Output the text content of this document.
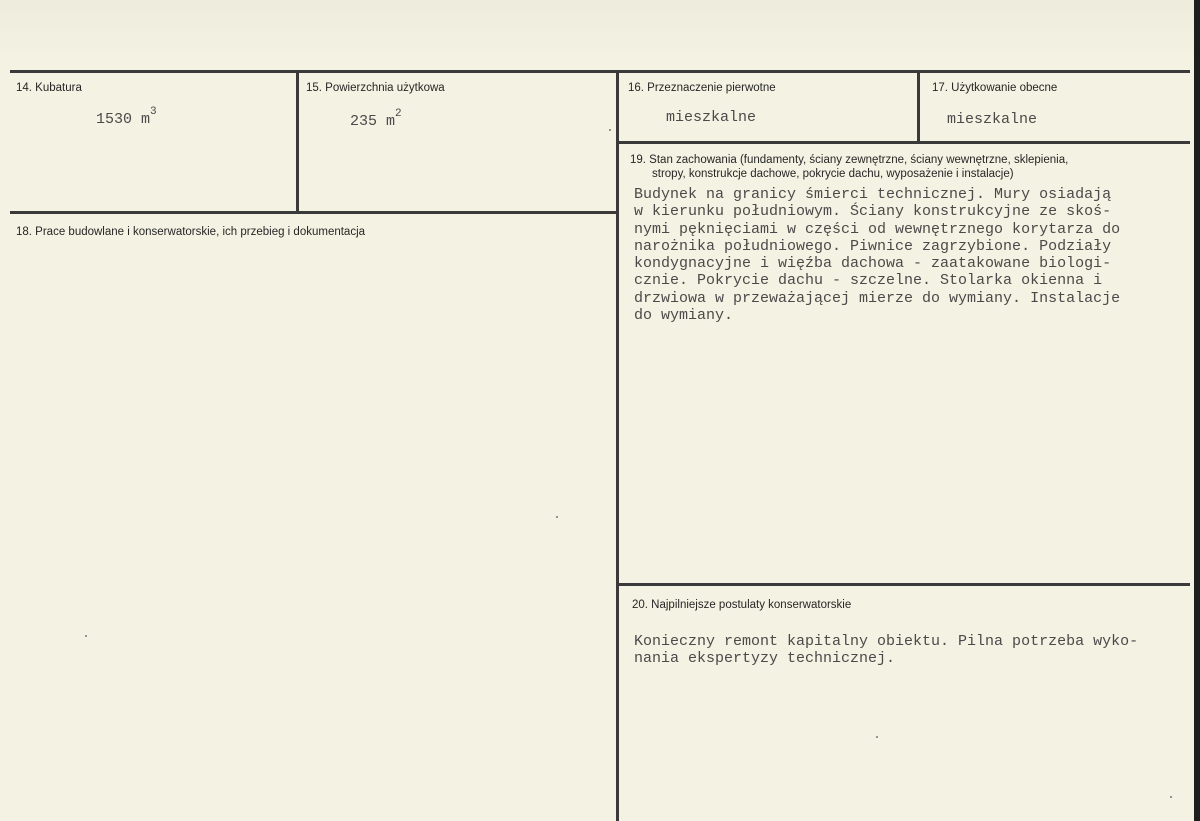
14. Kubatura
1530 $m^3$
15. Powierzchnia użytkowa
235 $m^2$
16. Przeznaczenie pierwotne
mieszkalne
17. Użytkowanie obecne
mieszkalne
18. Prace budowlane i konserwatorskie, ich przebieg i dokumentacja
19. Stan zachowania (fundamenty, ściany zewnętrzne, ściany wewnętrzne, sklepienia,
stropy, konstrukcje dachowe, pokrycie dachu, wyposażenie i instalacje)
Budynek na granicy śmierci technicznej. Mury osiadają
w kierunku południowym. Ściany konstrukcyjne ze skoś-
nymi pęknięciami w części od wewnętrznego korytarza do
narożnika południowego. Piwnice zagrzybione. Podziały
kondygnacyjne i więźba dachowa - zaatakowane biologi-
cznie. Pokrycie dachu - szczelne. Stolarka okienna i
drzwiowa w przeważającej mierze do wymiany. Instalacje
do wymiany.
20. Najpilniejsze postulaty konserwatorskie
Konieczny remont kapitalny obiektu. Pilna potrzeba wyko-
nania ekspertyzy technicznej.
